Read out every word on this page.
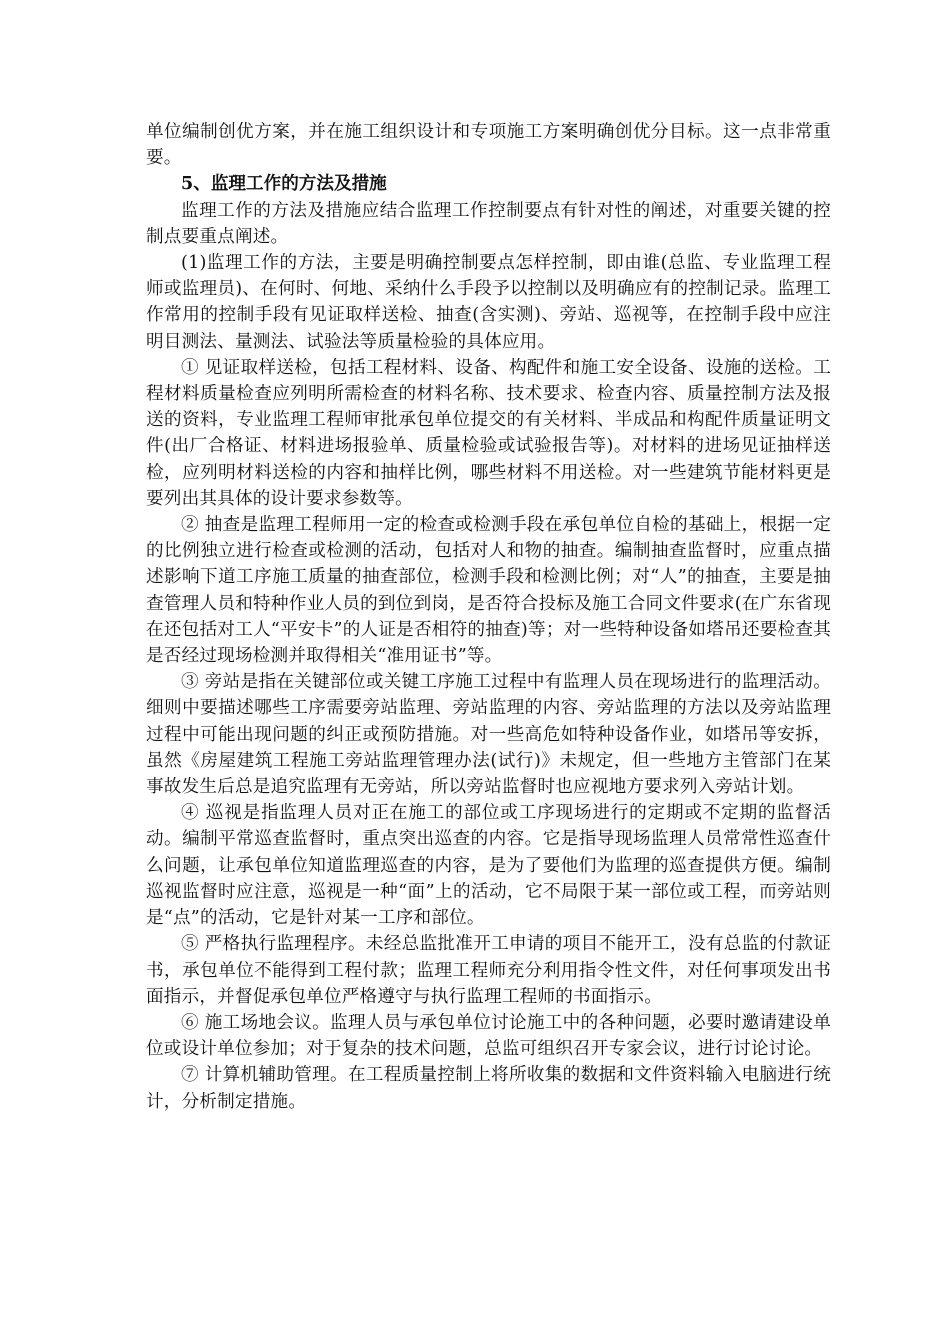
单位编制创优方案，并在施工组织设计和专项施工方案明确创优分目标。这一点非常重要。

5、监理工作的方法及措施

监理工作的方法及措施应结合监理工作控制要点有针对性的阐述，对重要关键的控制点要重点阐述。

(1)监理工作的方法，主要是明确控制要点怎样控制，即由谁(总监、专业监理工程师或监理员)、在何时、何地、采纳什么手段予以控制以及明确应有的控制记录。监理工作常用的控制手段有见证取样送检、抽查(含实测)、旁站、巡视等，在控制手段中应注明目测法、量测法、试验法等质量检验的具体应用。

① 见证取样送检，包括工程材料、设备、构配件和施工安全设备、设施的送检。工程材料质量检查应列明所需检查的材料名称、技术要求、检查内容、质量控制方法及报送的资料，专业监理工程师审批承包单位提交的有关材料、半成品和构配件质量证明文件(出厂合格证、材料进场报验单、质量检验或试验报告等)。对材料的进场见证抽样送检，应列明材料送检的内容和抽样比例，哪些材料不用送检。对一些建筑节能材料更是要列出其具体的设计要求参数等。

② 抽查是监理工程师用一定的检查或检测手段在承包单位自检的基础上，根据一定的比例独立进行检查或检测的活动，包括对人和物的抽查。编制抽查监督时，应重点描述影响下道工序施工质量的抽查部位，检测手段和检测比例；对“人”的抽查，主要是抽查管理人员和特种作业人员的到位到岗，是否符合投标及施工合同文件要求(在广东省现在还包括对工人“平安卡”的人证是否相符的抽查)等；对一些特种设备如塔吊还要检查其是否经过现场检测并取得相关“准用证书”等。

③ 旁站是指在关键部位或关键工序施工过程中有监理人员在现场进行的监理活动。细则中要描述哪些工序需要旁站监理、旁站监理的内容、旁站监理的方法以及旁站监理过程中可能出现问题的纠正或预防措施。对一些高危如特种设备作业，如塔吊等安拆，虽然《房屋建筑工程施工旁站监理管理办法(试行)》未规定，但一些地方主管部门在某事故发生后总是追究监理有无旁站，所以旁站监督时也应视地方要求列入旁站计划。

④ 巡视是指监理人员对正在施工的部位或工序现场进行的定期或不定期的监督活动。编制平常巡查监督时，重点突出巡查的内容。它是指导现场监理人员常常性巡查什么问题，让承包单位知道监理巡查的内容，是为了要他们为监理的巡查提供方便。编制巡视监督时应注意，巡视是一种“面”上的活动，它不局限于某一部位或工程，而旁站则是“点”的活动，它是针对某一工序和部位。

⑤ 严格执行监理程序。未经总监批准开工申请的项目不能开工，没有总监的付款证书，承包单位不能得到工程付款；监理工程师充分利用指令性文件，对任何事项发出书面指示，并督促承包单位严格遵守与执行监理工程师的书面指示。

⑥ 施工场地会议。监理人员与承包单位讨论施工中的各种问题，必要时邀请建设单位或设计单位参加；对于复杂的技术问题，总监可组织召开专家会议，进行讨论讨论。

⑦ 计算机辅助管理。在工程质量控制上将所收集的数据和文件资料输入电脑进行统计，分析制定措施。
